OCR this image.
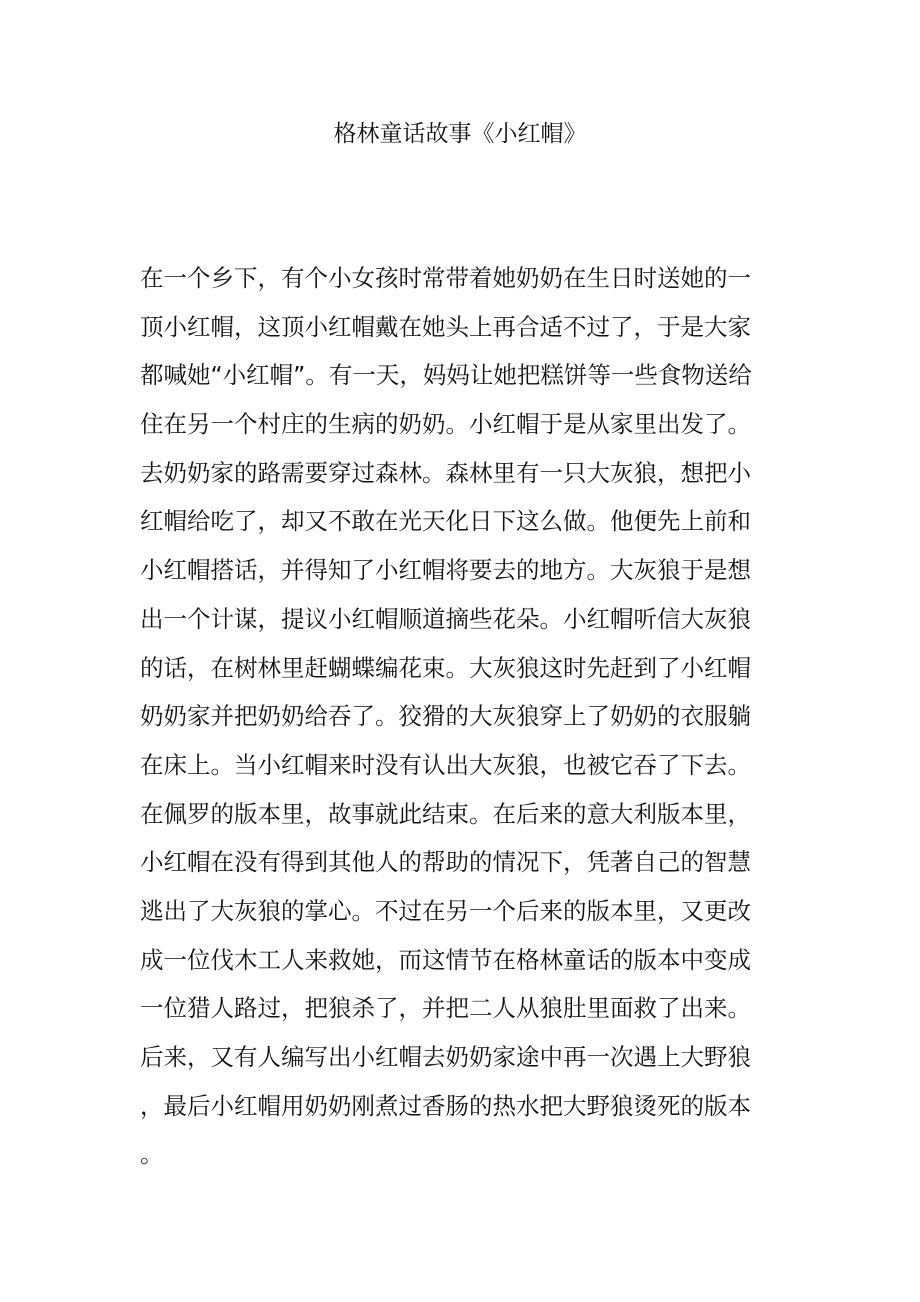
格林童话故事《小红帽》
在一个乡下，有个小女孩时常带着她奶奶在生日时送她的一
顶小红帽，这顶小红帽戴在她头上再合适不过了，于是大家
都喊她“小红帽”。有一天，妈妈让她把糕饼等一些食物送给
住在另一个村庄的生病的奶奶。小红帽于是从家里出发了。
去奶奶家的路需要穿过森林。森林里有一只大灰狼，想把小
红帽给吃了，却又不敢在光天化日下这么做。他便先上前和
小红帽搭话，并得知了小红帽将要去的地方。大灰狼于是想
出一个计谋，提议小红帽顺道摘些花朵。小红帽听信大灰狼
的话，在树林里赶蝴蝶编花束。大灰狼这时先赶到了小红帽
奶奶家并把奶奶给吞了。狡猾的大灰狼穿上了奶奶的衣服躺
在床上。当小红帽来时没有认出大灰狼，也被它吞了下去。
在佩罗的版本里，故事就此结束。在后来的意大利版本里，
小红帽在没有得到其他人的帮助的情况下，凭著自己的智慧
逃出了大灰狼的掌心。不过在另一个后来的版本里，又更改
成一位伐木工人来救她，而这情节在格林童话的版本中变成
一位猎人路过，把狼杀了，并把二人从狼肚里面救了出来。
后来，又有人编写出小红帽去奶奶家途中再一次遇上大野狼
，最后小红帽用奶奶刚煮过香肠的热水把大野狼烫死的版本
。
